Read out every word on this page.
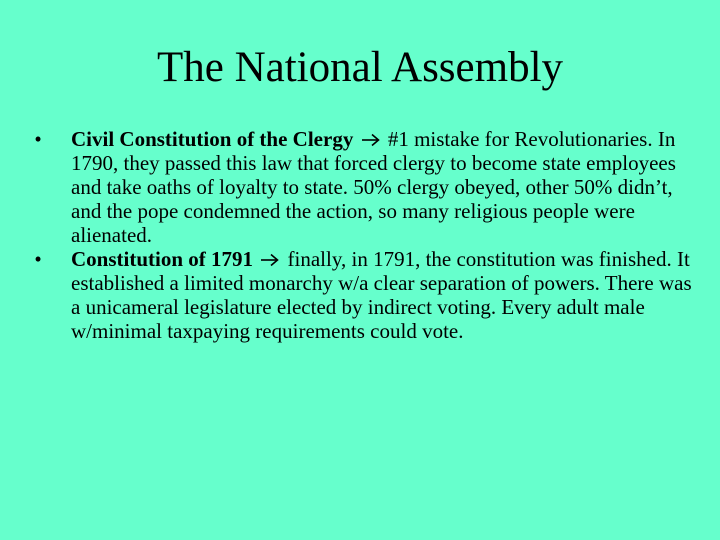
The National Assembly
•	Civil Constitution of the Clergy #1 mistake for Revolutionaries. In 1790, they passed this law that forced clergy to become state employees and take oaths of loyalty to state. 50% clergy obeyed, other 50% didn’t, and the pope condemned the action, so many religious people were alienated.
•	Constitution of 1791 finally, in 1791, the constitution was finished. It established a limited monarchy w/a clear separation of powers. There was a unicameral legislature elected by indirect voting. Every adult male w/minimal taxpaying requirements could vote.
